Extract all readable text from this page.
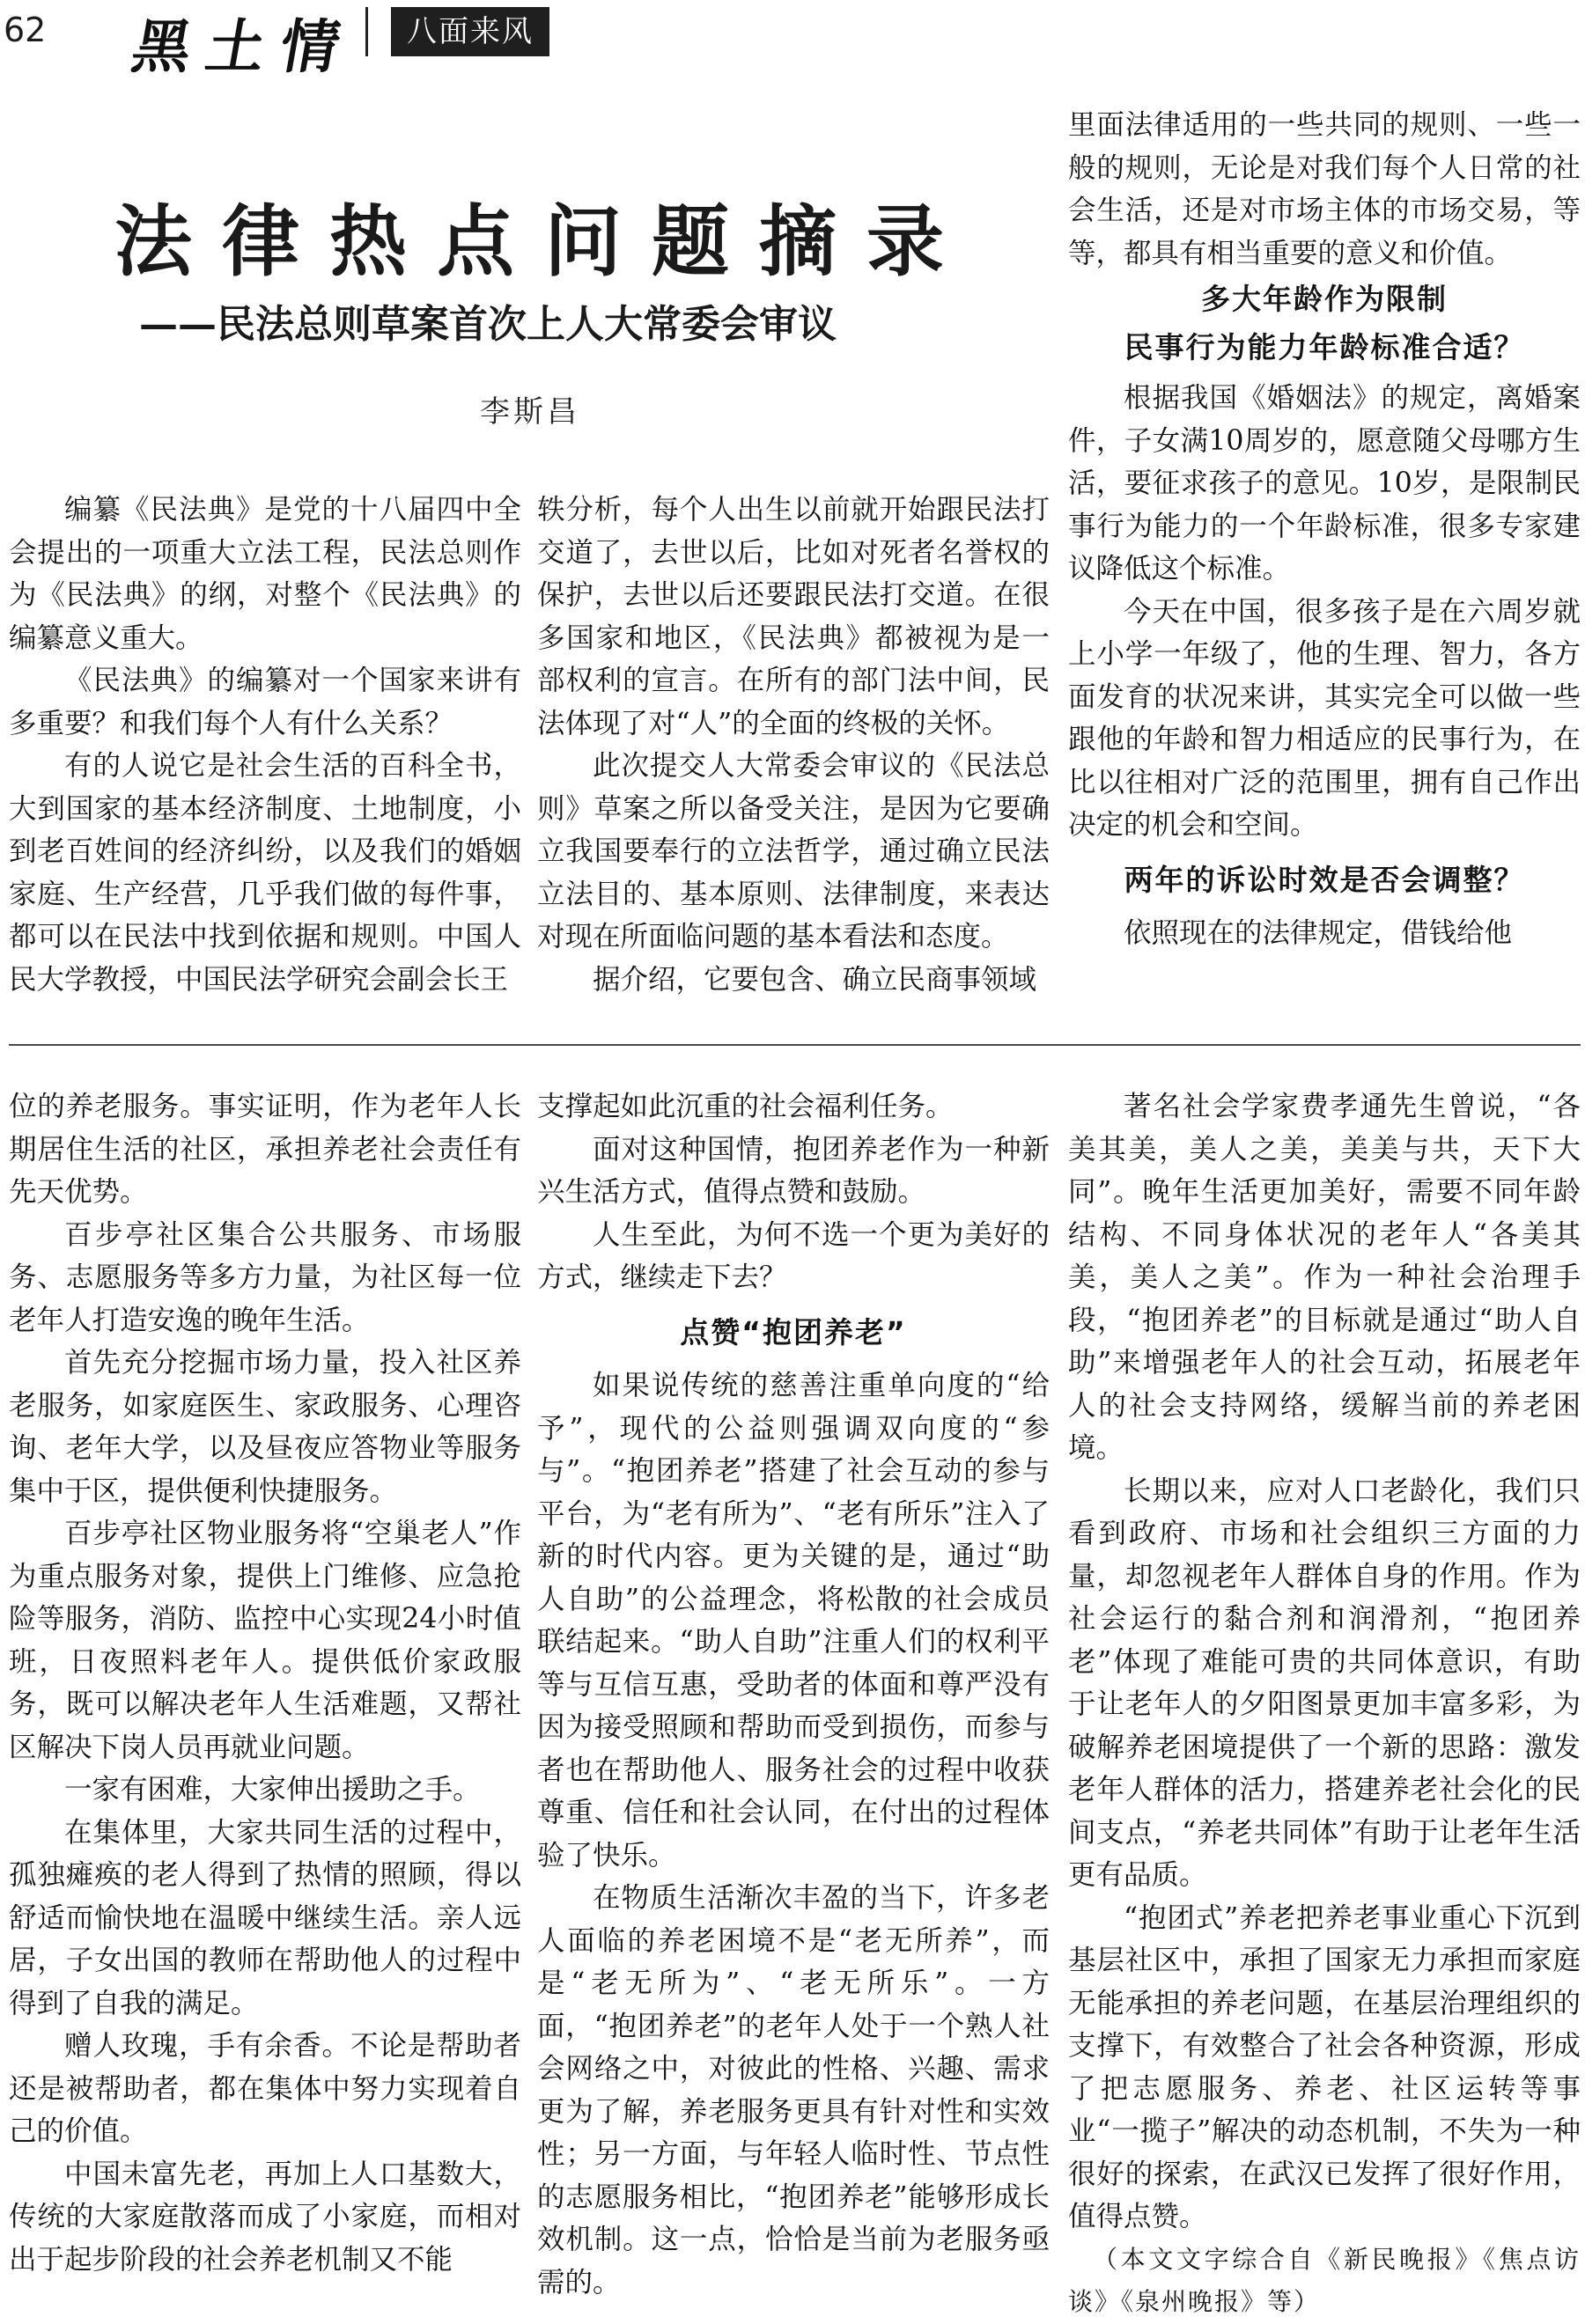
62 黑土情	八面来风
法律热点问题摘录
——民法总则草案首次上人大常委会审议
李斯昌

编纂《民法典》是党的十八届四中全会提出的一项重大立法工程，民法总则作为《民法典》的纲，对整个《民法典》的编纂意义重大。

《民法典》的编纂对一个国家来讲有多重要？和我们每个人有什么关系？

有的人说它是社会生活的百科全书，大到国家的基本经济制度、土地制度，小到老百姓间的经济纠纷，以及我们的婚姻家庭、生产经营，几乎我们做的每件事，都可以在民法中找到依据和规则。中国人民大学教授，中国民法学研究会副会长王

轶分析，每个人出生以前就开始跟民法打交道了，去世以后，比如对死者名誉权的保护，去世以后还要跟民法打交道。在很多国家和地区，《民法典》都被视为是一部权利的宣言。在所有的部门法中间，民法体现了对“人”的全面的终极的关怀。

此次提交人大常委会审议的《民法总则》草案之所以备受关注，是因为它要确立我国要奉行的立法哲学，通过确立民法立法目的、基本原则、法律制度，来表达对现在所面临问题的基本看法和态度。

据介绍，它要包含、确立民商事领域

里面法律适用的一些共同的规则、一些一般的规则，无论是对我们每个人日常的社会生活，还是对市场主体的市场交易，等等，都具有相当重要的意义和价值。

多大年龄作为限制
民事行为能力年龄标准合适？

根据我国《婚姻法》的规定，离婚案件，子女满10周岁的，愿意随父母哪方生活，要征求孩子的意见。10岁，是限制民事行为能力的一个年龄标准，很多专家建议降低这个标准。

今天在中国，很多孩子是在六周岁就上小学一年级了，他的生理、智力，各方面发育的状况来讲，其实完全可以做一些跟他的年龄和智力相适应的民事行为，在比以往相对广泛的范围里，拥有自己作出决定的机会和空间。

两年的诉讼时效是否会调整？

依照现在的法律规定，借钱给他

位的养老服务。事实证明，作为老年人长期居住生活的社区，承担养老社会责任有先天优势。

百步亭社区集合公共服务、市场服务、志愿服务等多方力量，为社区每一位老年人打造安逸的晚年生活。

首先充分挖掘市场力量，投入社区养老服务，如家庭医生、家政服务、心理咨询、老年大学，以及昼夜应答物业等服务集中于区，提供便利快捷服务。

百步亭社区物业服务将“空巢老人”作为重点服务对象，提供上门维修、应急抢险等服务，消防、监控中心实现24小时值班，日夜照料老年人。提供低价家政服务，既可以解决老年人生活难题，又帮社区解决下岗人员再就业问题。

一家有困难，大家伸出援助之手。

在集体里，大家共同生活的过程中，孤独瘫痪的老人得到了热情的照顾，得以舒适而愉快地在温暖中继续生活。亲人远居，子女出国的教师在帮助他人的过程中得到了自我的满足。

赠人玫瑰，手有余香。不论是帮助者还是被帮助者，都在集体中努力实现着自己的价值。

中国未富先老，再加上人口基数大，传统的大家庭散落而成了小家庭，而相对出于起步阶段的社会养老机制又不能

支撑起如此沉重的社会福利任务。

面对这种国情，抱团养老作为一种新兴生活方式，值得点赞和鼓励。

人生至此，为何不选一个更为美好的方式，继续走下去？

点赞“抱团养老”

如果说传统的慈善注重单向度的“给予”，现代的公益则强调双向度的“参与”。“抱团养老”搭建了社会互动的参与平台，为“老有所为”、“老有所乐”注入了新的时代内容。更为关键的是，通过“助人自助”的公益理念，将松散的社会成员联结起来。“助人自助”注重人们的权利平等与互信互惠，受助者的体面和尊严没有因为接受照顾和帮助而受到损伤，而参与者也在帮助他人、服务社会的过程中收获尊重、信任和社会认同，在付出的过程体验了快乐。

在物质生活渐次丰盈的当下，许多老人面临的养老困境不是“老无所养”，而是“老无所为”、“老无所乐”。一方面，“抱团养老”的老年人处于一个熟人社会网络之中，对彼此的性格、兴趣、需求更为了解，养老服务更具有针对性和实效性；另一方面，与年轻人临时性、节点性的志愿服务相比，“抱团养老”能够形成长效机制。这一点，恰恰是当前为老服务亟需的。

著名社会学家费孝通先生曾说，“各美其美，美人之美，美美与共，天下大同”。晚年生活更加美好，需要不同年龄结构、不同身体状况的老年人“各美其美，美人之美”。作为一种社会治理手段，“抱团养老”的目标就是通过“助人自助”来增强老年人的社会互动，拓展老年人的社会支持网络，缓解当前的养老困境。

长期以来，应对人口老龄化，我们只看到政府、市场和社会组织三方面的力量，却忽视老年人群体自身的作用。作为社会运行的黏合剂和润滑剂，“抱团养老”体现了难能可贵的共同体意识，有助于让老年人的夕阳图景更加丰富多彩，为破解养老困境提供了一个新的思路：激发老年人群体的活力，搭建养老社会化的民间支点，“养老共同体”有助于让老年生活更有品质。

“抱团式”养老把养老事业重心下沉到基层社区中，承担了国家无力承担而家庭无能承担的养老问题，在基层治理组织的支撑下，有效整合了社会各种资源，形成了把志愿服务、养老、社区运转等事业“一揽子”解决的动态机制，不失为一种很好的探索，在武汉已发挥了很好作用，值得点赞。

（本文文字综合自《新民晚报》《焦点访谈》《泉州晚报》等）
